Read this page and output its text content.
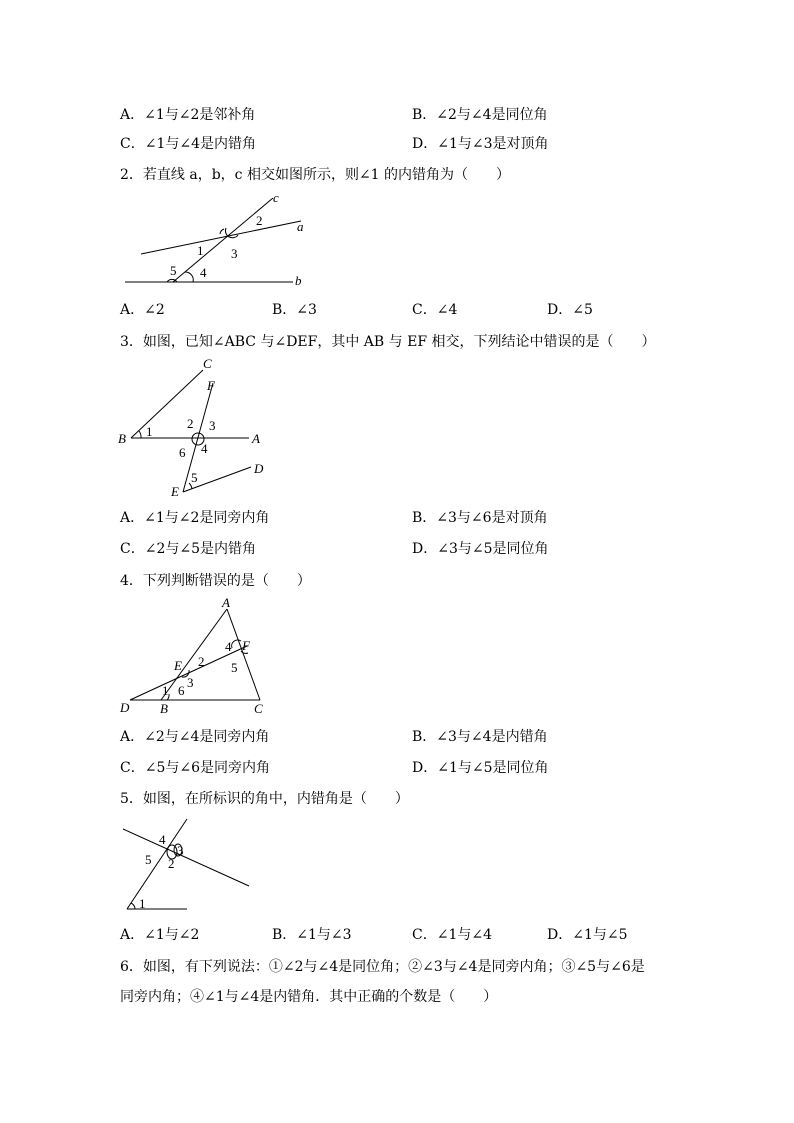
A．∠1与∠2是邻补角	B．∠2与∠4是同位角
C．∠1与∠4是内错角	D．∠1与∠3是对顶角
2．若直线 a，b，c 相交如图所示，则∠1 的内错角为（　　）
c
a
b
1
2
3
4
5
A．∠2	B．∠3	C．∠4	D．∠5
3．如图，已知∠ABC 与∠DEF，其中 AB 与 EF 相交，下列结论中错误的是（　　）
C
F
B	A
D
E
1
2 3
4
5
6
A．∠1与∠2是同旁内角	B．∠3与∠6是对顶角
C．∠2与∠5是内错角	D．∠3与∠5是同位角
4．下列判断错误的是（　　）
A
F
E
D B	C
1
2
3
4
5
6
A．∠2与∠4是同旁内角	B．∠3与∠4是内错角
C．∠5与∠6是同旁内角	D．∠1与∠5是同位角
5．如图，在所标识的角中，内错角是（　　）
4
3
5 2
1
A．∠1与∠2	B．∠1与∠3	C．∠1与∠4	D．∠1与∠5
6．如图，有下列说法：①∠2与∠4是同位角；②∠3与∠4是同旁内角；③∠5与∠6是
同旁内角；④∠1与∠4是内错角．其中正确的个数是（　　）
